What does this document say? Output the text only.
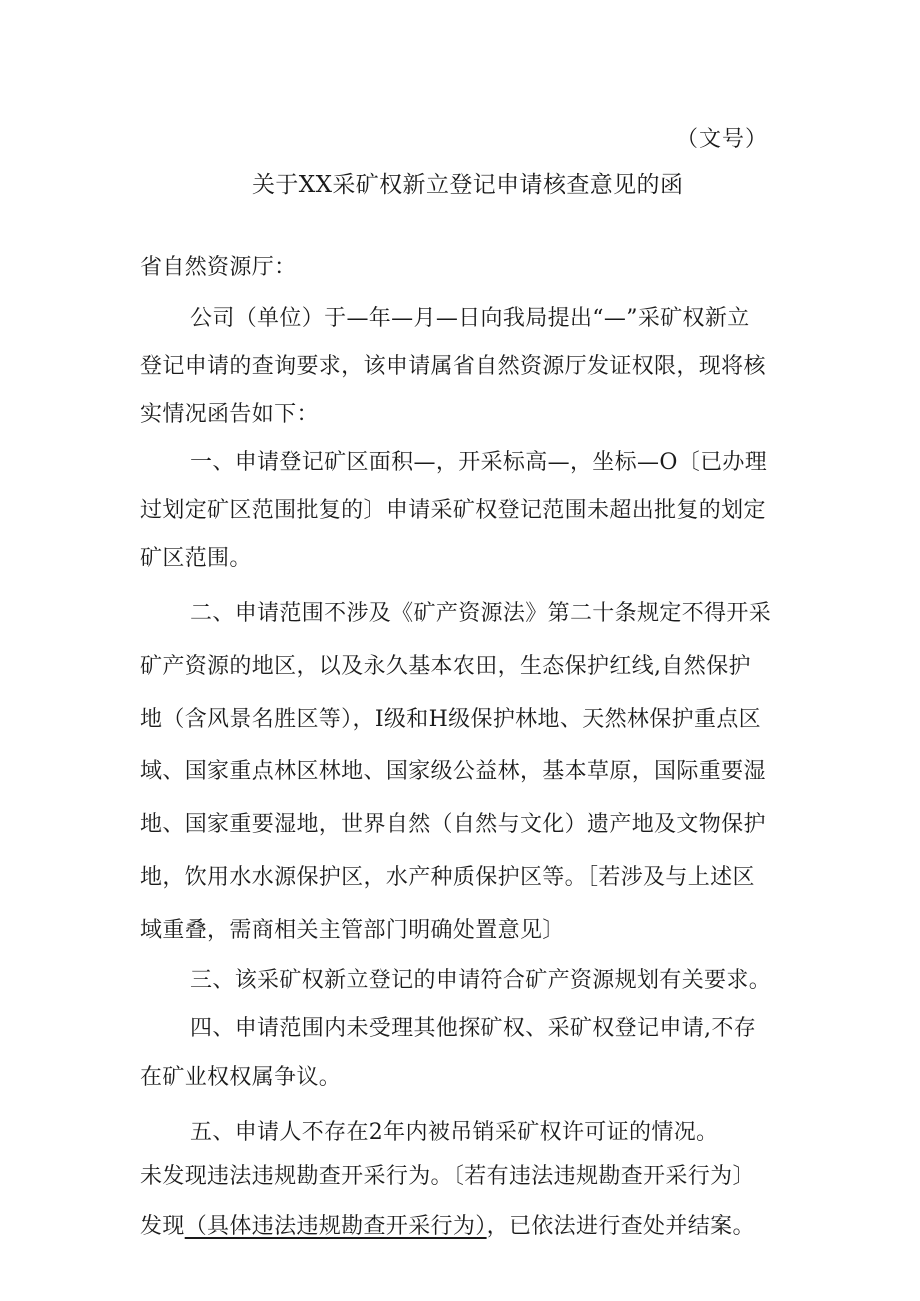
（文号）
关于XX采矿权新立登记申请核查意见的函
省自然资源厅：
公司（单位）于—年—月—日向我局提出“—”采矿权新立
登记申请的查询要求，该申请属省自然资源厅发证权限，现将核
实情况函告如下：
一、申请登记矿区面积—，开采标高—，坐标—O〔已办理
过划定矿区范围批复的〕申请采矿权登记范围未超出批复的划定
矿区范围。
二、申请范围不涉及《矿产资源法》第二十条规定不得开采
矿产资源的地区，以及永久基本农田，生态保护红线,自然保护
地（含风景名胜区等），I级和H级保护林地、天然林保护重点区
域、国家重点林区林地、国家级公益林，基本草原，国际重要湿
地、国家重要湿地，世界自然（自然与文化）遗产地及文物保护
地，饮用水水源保护区，水产种质保护区等。［若涉及与上述区
域重叠，需商相关主管部门明确处置意见〕
三、该采矿权新立登记的申请符合矿产资源规划有关要求。
四、申请范围内未受理其他探矿权、采矿权登记申请,不存
在矿业权权属争议。
五、申请人不存在2年内被吊销采矿权许可证的情况。
未发现违法违规勘查开采行为。〔若有违法违规勘查开采行为〕
发现（具体违法违规勘查开采行为），已依法进行查处并结案。
